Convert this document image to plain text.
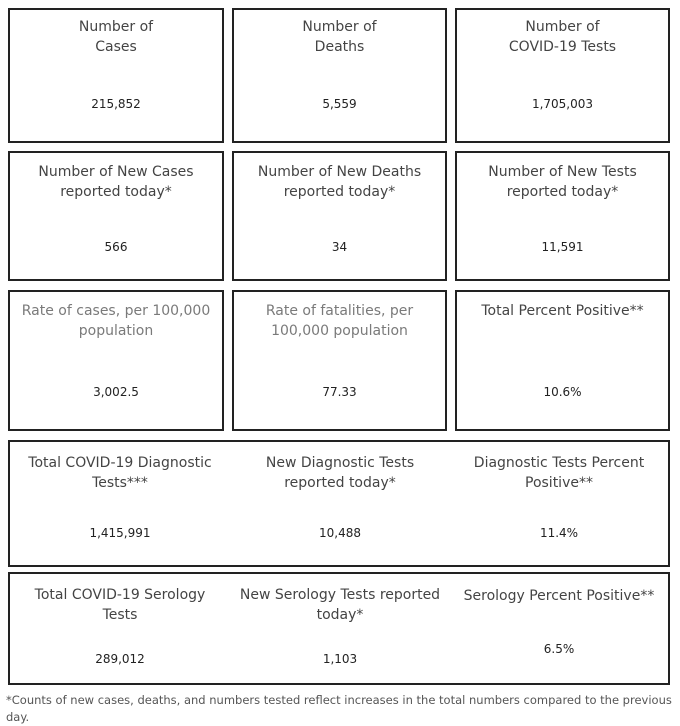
Number of
Cases
215,852
Number of
Deaths
5,559
Number of
COVID-19 Tests
1,705,003
Number of New Cases
reported today*
566
Number of New Deaths
reported today*
34
Number of New Tests
reported today*
11,591
Rate of cases, per 100,000
population
3,002.5
Rate of fatalities, per
100,000 population
77.33
Total Percent Positive**
10.6%
Total COVID-19 Diagnostic
Tests***
1,415,991
New Diagnostic Tests
reported today*
10,488
Diagnostic Tests Percent
Positive**
11.4%
Total COVID-19 Serology
Tests
289,012
New Serology Tests reported
today*
1,103
Serology Percent Positive**
6.5%
*Counts of new cases, deaths, and numbers tested reflect increases in the total numbers compared to the previous day.
